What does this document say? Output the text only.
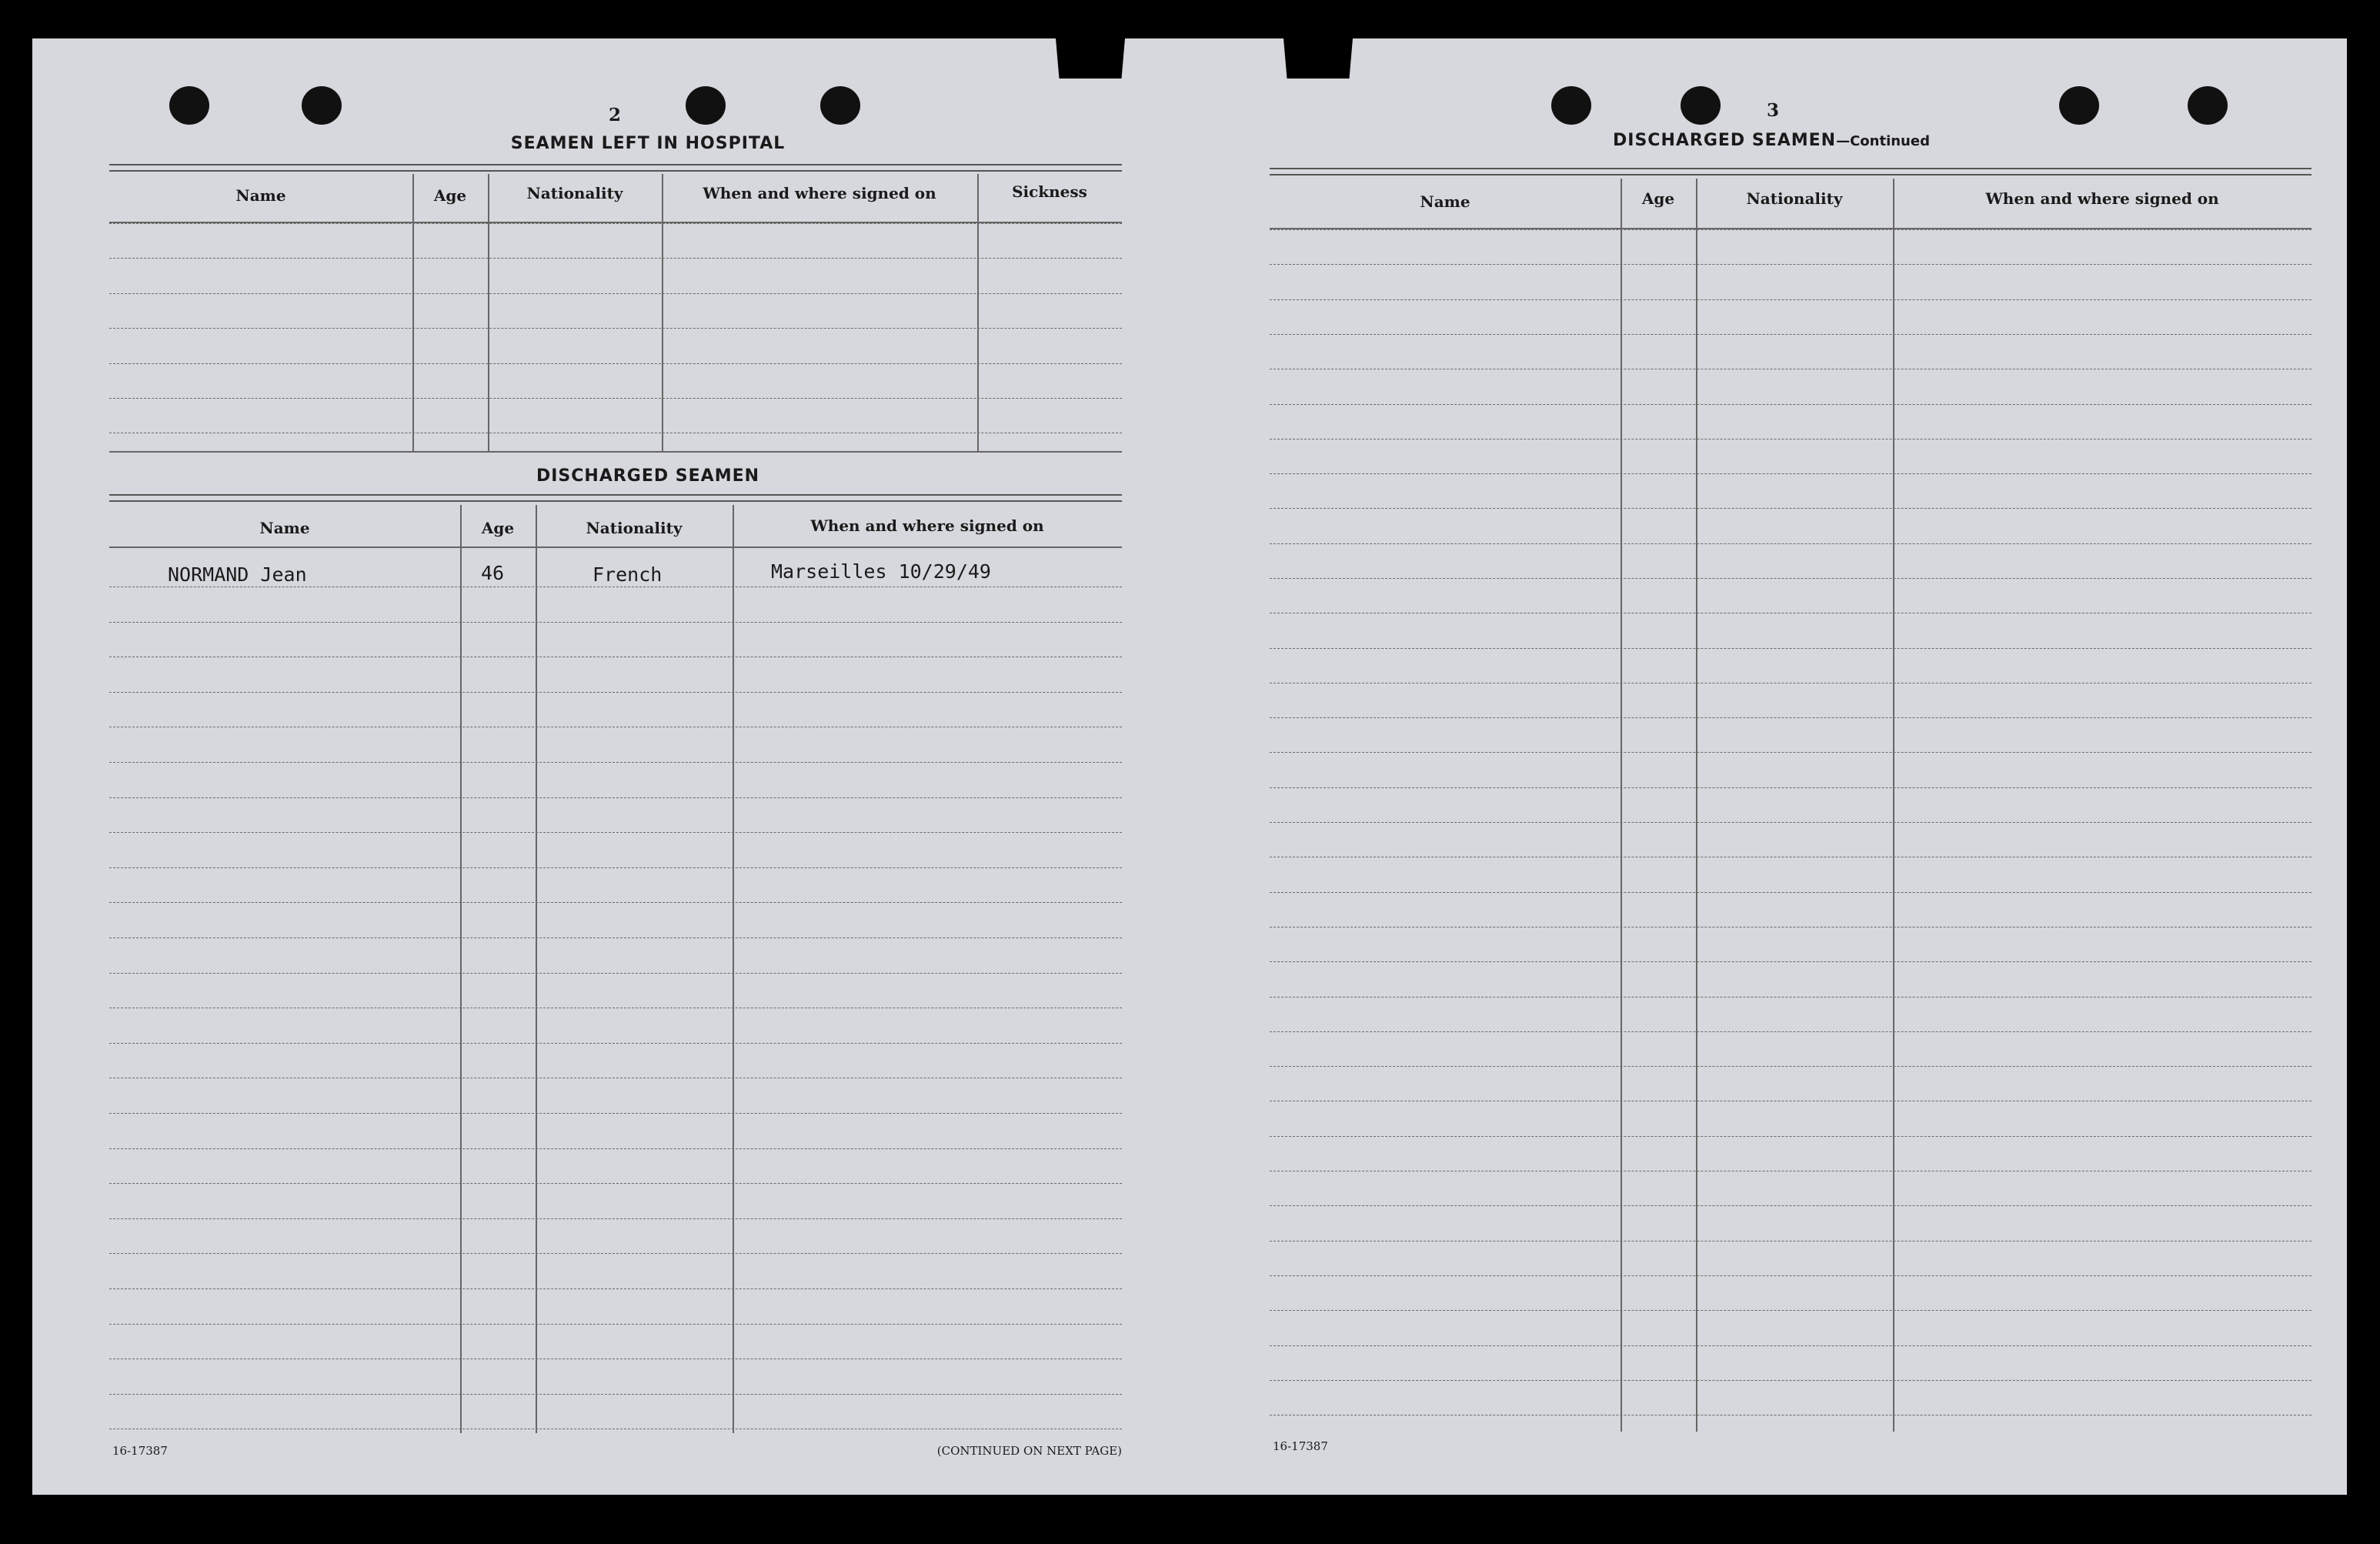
2
SEAMEN LEFT IN HOSPITAL
Name	Age	Nationality	When and where signed on	Sickness
DISCHARGED SEAMEN
Name	Age	Nationality	When and where signed on
NORMAND Jean	46	French	Marseilles 10/29/49
16-17387	(CONTINUED ON NEXT PAGE)
3
DISCHARGED SEAMEN—Continued
Name	Age	Nationality	When and where signed on
16-17387
